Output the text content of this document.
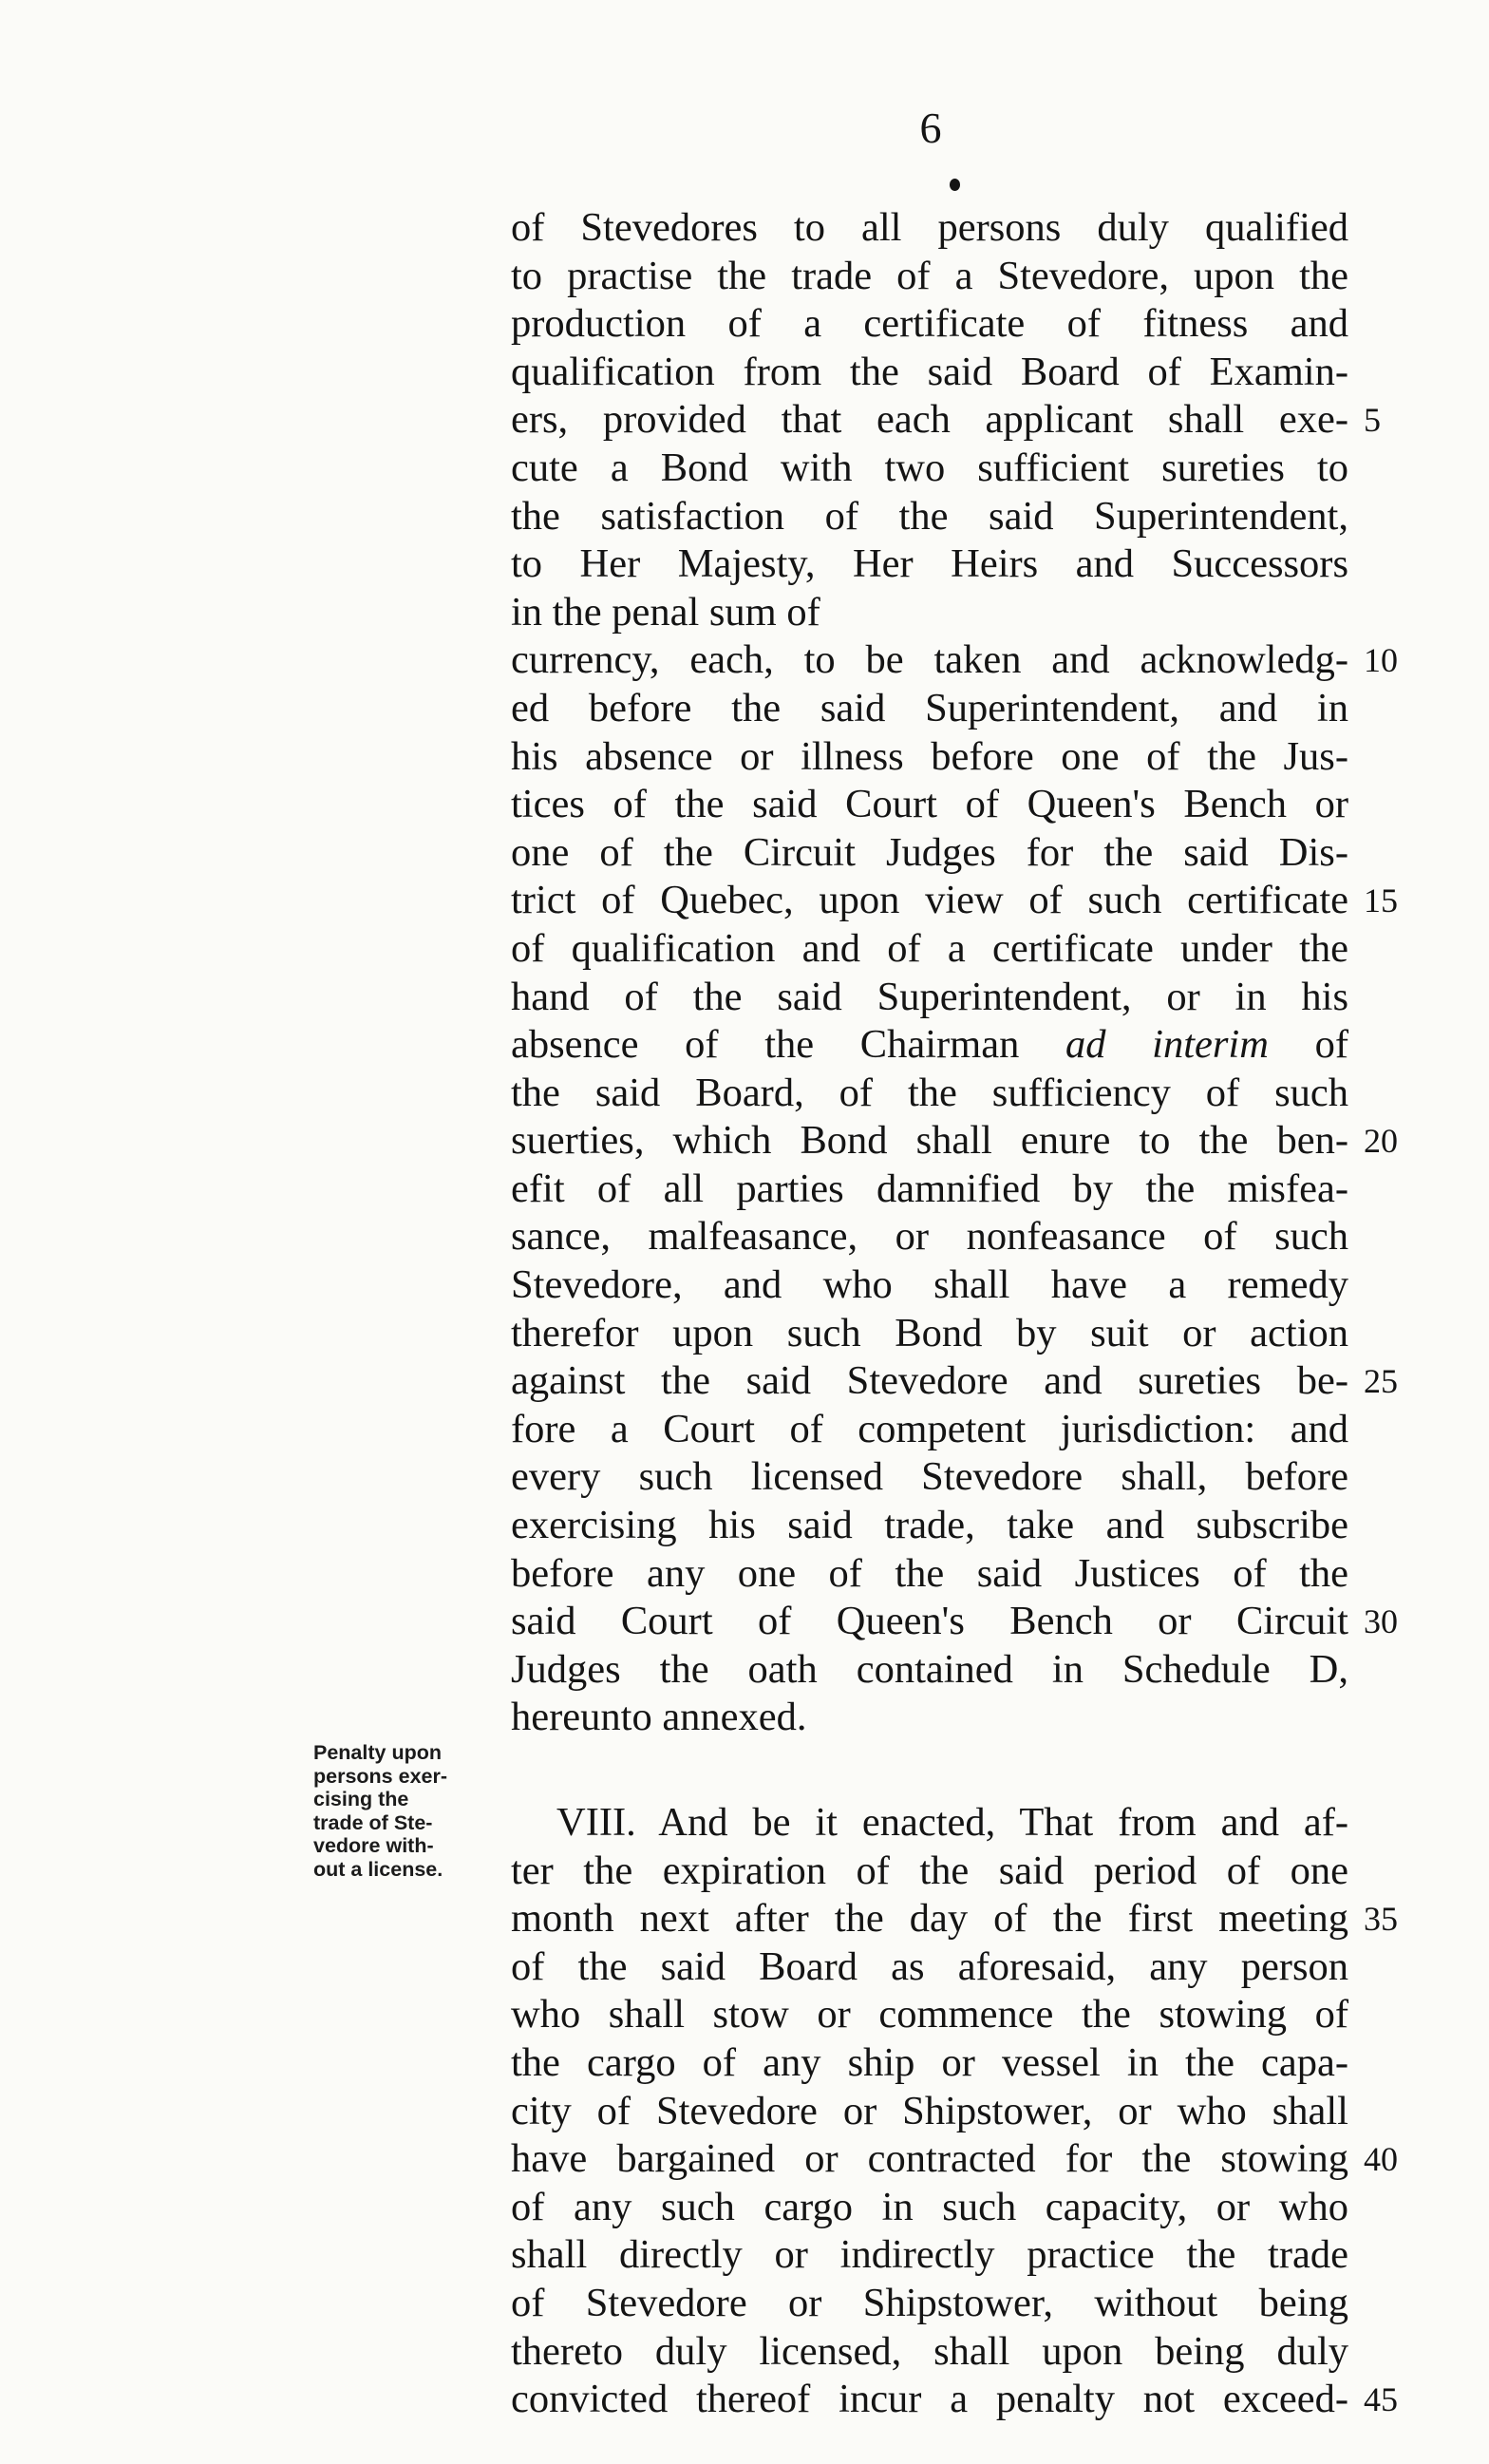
6
of Stevedores to all persons duly qualified
to practise the trade of a Stevedore, upon the
production of a certificate of fitness and
qualification from the said Board of Examin-
ers, provided that each applicant shall exe-
cute a Bond with two sufficient sureties to
the satisfaction of the said Superintendent,
to Her Majesty, Her Heirs and Successors
in the penal sum of
currency, each, to be taken and acknowledg-
ed before the said Superintendent, and in
his absence or illness before one of the Jus-
tices of the said Court of Queen's Bench or
one of the Circuit Judges for the said Dis-
trict of Quebec, upon view of such certificate
of qualification and of a certificate under the
hand of the said Superintendent, or in his
absence of the Chairman ad interim of
the said Board, of the sufficiency of such
suerties, which Bond shall enure to the ben-
efit of all parties damnified by the misfea-
sance, malfeasance, or nonfeasance of such
Stevedore, and who shall have a remedy
therefor upon such Bond by suit or action
against the said Stevedore and sureties be-
fore a Court of competent jurisdiction: and
every such licensed Stevedore shall, before
exercising his said trade, take and subscribe
before any one of the said Justices of the
said Court of Queen's Bench or Circuit
Judges the oath contained in Schedule D,
hereunto annexed.
VIII. And be it enacted, That from and af-
ter the expiration of the said period of one
month next after the day of the first meeting
of the said Board as aforesaid, any person
who shall stow or commence the stowing of
the cargo of any ship or vessel in the capa-
city of Stevedore or Shipstower, or who shall
have bargained or contracted for the stowing
of any such cargo in such capacity, or who
shall directly or indirectly practice the trade
of Stevedore or Shipstower, without being
thereto duly licensed, shall upon being duly
convicted thereof incur a penalty not exceed-
5
10
15
20
25
30
35
40
45
Penalty upon
persons exer-
cising the
trade of Ste-
vedore with-
out a license.
